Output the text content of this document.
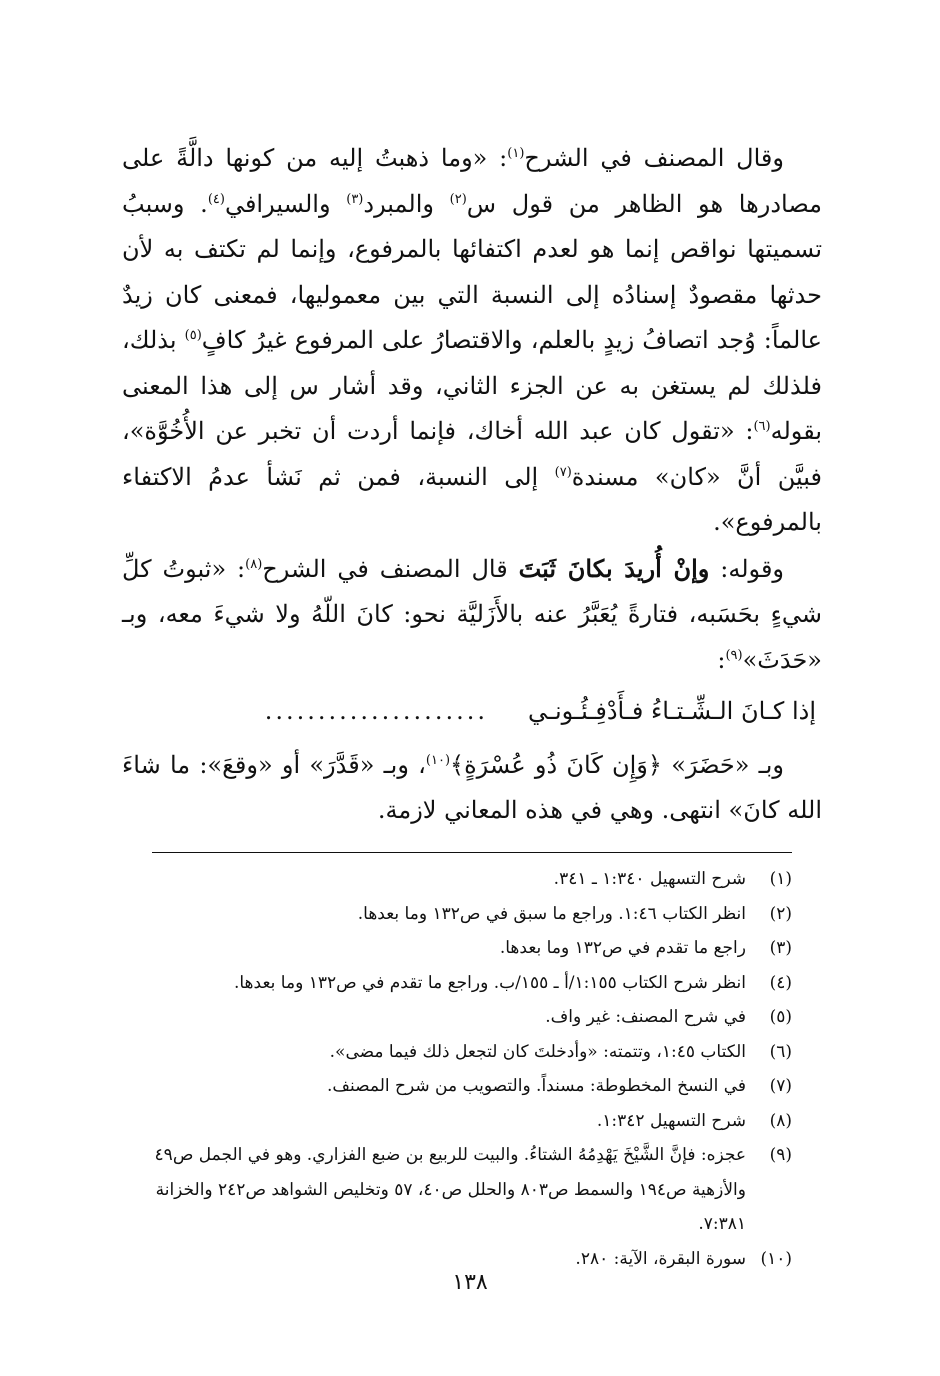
وقال المصنف في الشرح$^{(١)}$: «وما ذهبتُ إليه من كونها دالَّةً على مصادرها هو الظاهر من قول س$^{(٢)}$ والمبرد$^{(٣)}$ والسيرافي$^{(٤)}$. وسببُ تسميتها نواقص إنما هو لعدم اكتفائها بالمرفوع، وإنما لم تكتف به لأن حدثها مقصودٌ إسنادُه إلى النسبة التي بين معموليها، فمعنى كان زيدٌ عالماً: وُجد اتصافُ زيدٍ بالعلم، والاقتصارُ على المرفوع غيرُ كافٍ$^{(٥)}$ بذلك، فلذلك لم يستغن به عن الجزء الثاني، وقد أشار س إلى هذا المعنى بقوله$^{(٦)}$: «تقول كان عبد الله أخاك، فإنما أردت أن تخبر عن الأُخُوَّة»، فبيَّن أنَّ «كان» مسندة$^{(٧)}$ إلى النسبة، فمن ثم نَشأ عدمُ الاكتفاء بالمرفوع».

وقوله: وإنْ أُريدَ بكانَ ثَبَتَ قال المصنف في الشرح$^{(٨)}$: «ثبوتُ كلِّ شيءٍ بحَسَبه، فتارةً يُعَبَّرُ عنه بالأَزَليَّة نحو: كانَ اللّهُ ولا شيءَ معه، وبـ «حَدَثَ»$^{(٩)}$:

إذا كـانَ الـشِّـتـاءُ فـأَدْفِـئُـونـي
.....................

وبـ «حَضَرَ» ﴿وَإِن كَانَ ذُو عُسْرَةٍ﴾$^{(١٠)}$، وبـ «قَدَّرَ» أو «وقعَ»: ما شاءَ الله كانَ» انتهى. وهي في هذه المعاني لازمة.

(١)
شرح التسهيل ١:٣٤٠ ـ ٣٤١.
(٢)
انظر الكتاب ١:٤٦. وراجع ما سبق في ص١٣٢ وما بعدها.
(٣)
راجع ما تقدم في ص١٣٢ وما بعدها.
(٤)
انظر شرح الكتاب ١:١٥٥/أ ـ ١٥٥/ب. وراجع ما تقدم في ص١٣٢ وما بعدها.
(٥)
في شرح المصنف: غير واف.
(٦)
الكتاب ١:٤٥، وتتمته: «وأدخلتَ كان لتجعل ذلك فيما مضى».
(٧)
في النسخ المخطوطة: مسنداً. والتصويب من شرح المصنف.
(٨)
شرح التسهيل ١:٣٤٢.
(٩)
عجزه: فإنَّ الشَّيْخَ يَهْدِمُهُ الشتاءُ. والبيت للربيع بن ضبع الفزاري. وهو في الجمل ص٤٩ والأزهية ص١٩٤ والسمط ص٨٠٣ والحلل ص٤٠، ٥٧ وتخليص الشواهد ص٢٤٢ والخزانة ٧:٣٨١.
(١٠)
سورة البقرة، الآية: ٢٨٠.
١٣٨
